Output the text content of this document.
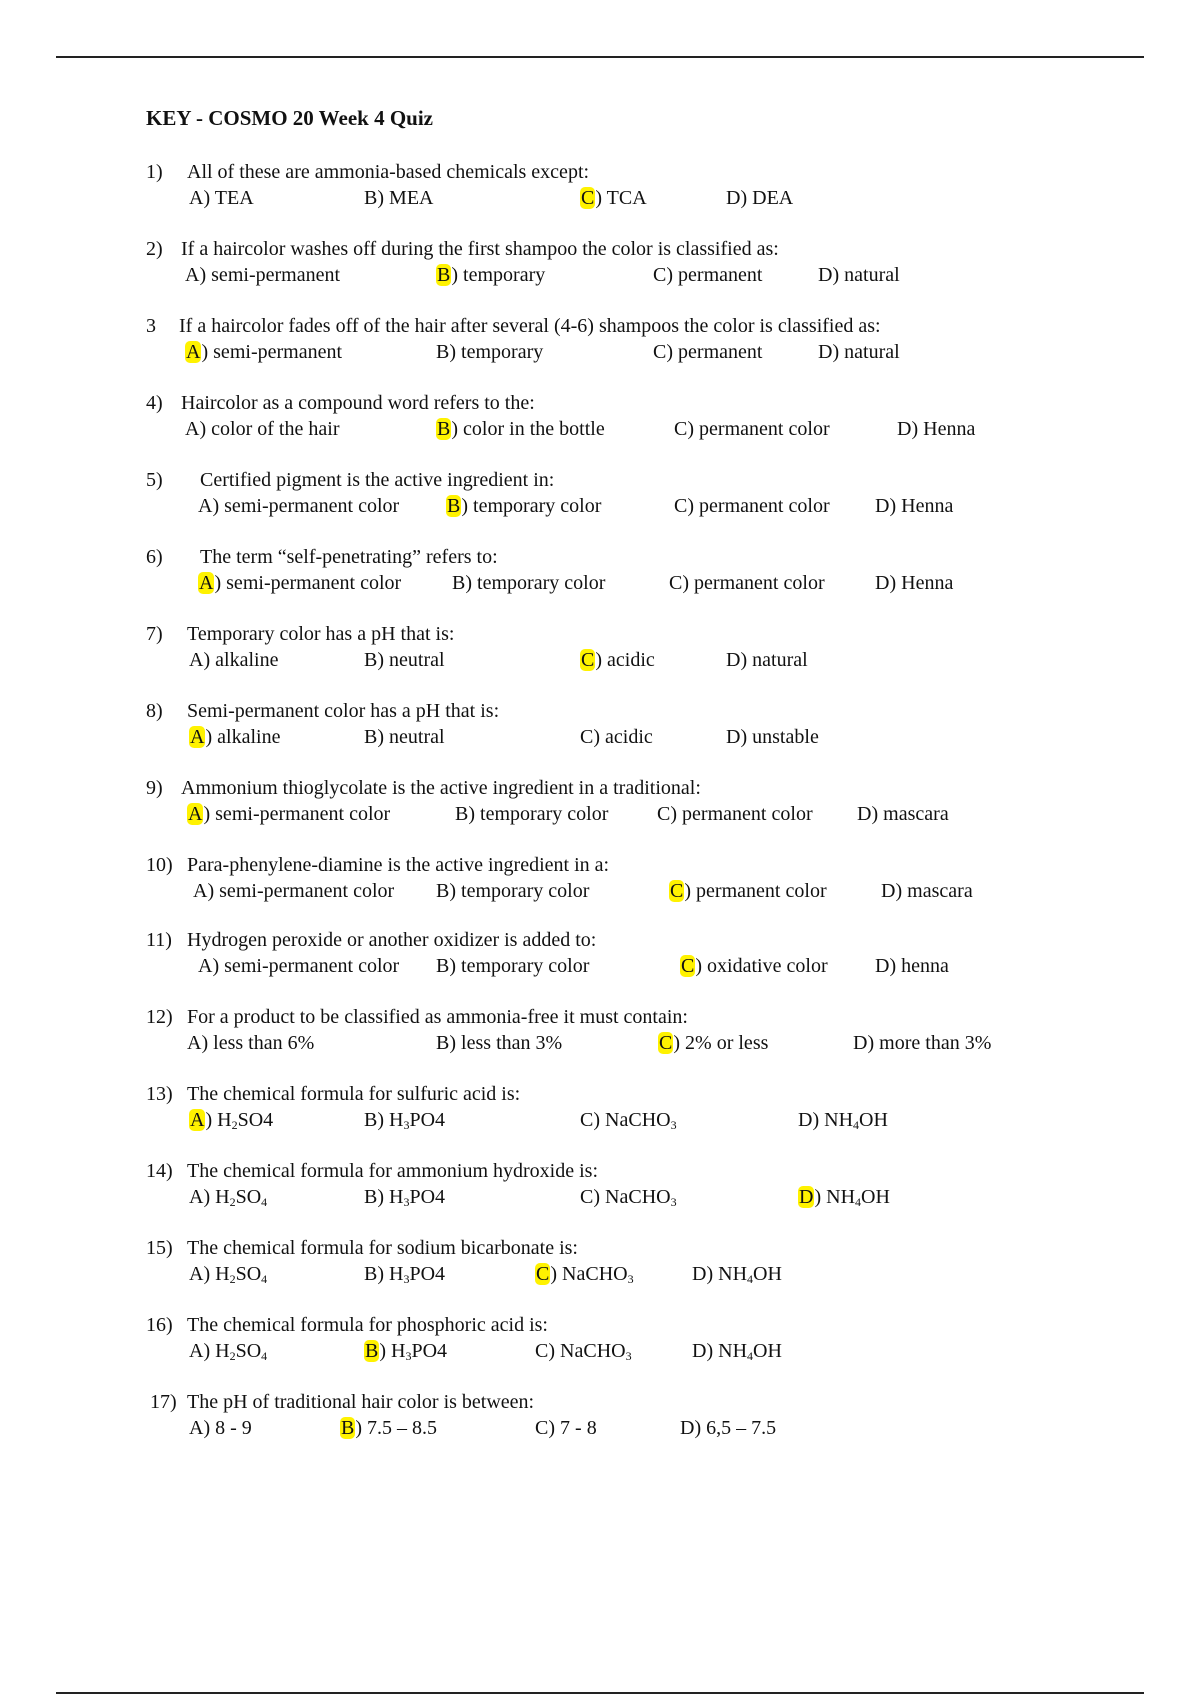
KEY - COSMO 20 Week 4 Quiz
1) All of these are ammonia-based chemicals except:
A) TEA	B) MEA	C) TCA	D) DEA
2) If a haircolor washes off during the first shampoo the color is classified as:
A) semi-permanent	B) temporary	C) permanent	D) natural
3 If a haircolor fades off of the hair after several (4-6) shampoos the color is classified as:
A) semi-permanent	B) temporary	C) permanent	D) natural
4) Haircolor as a compound word refers to the:
A) color of the hair	B) color in the bottle	C) permanent color	D) Henna
5) Certified pigment is the active ingredient in:
A) semi-permanent color B) temporary color	C) permanent color D) Henna
6) The term “self-penetrating” refers to:
A) semi-permanent color	B) temporary color	C) permanent color	D) Henna
7) Temporary color has a pH that is:
A) alkaline	B) neutral	C) acidic	D) natural
8) Semi-permanent color has a pH that is:
A) alkaline	B) neutral	C) acidic	D) unstable
9) Ammonium thioglycolate is the active ingredient in a traditional:
A) semi-permanent color	B) temporary color C) permanent color D) mascara
10) Para-phenylene-diamine is the active ingredient in a:
A) semi-permanent color B) temporary color	C) permanent color	D) mascara
11) Hydrogen peroxide or another oxidizer is added to:
A) semi-permanent color B) temporary color	C) oxidative color D) henna
12) For a product to be classified as ammonia-free it must contain:
A) less than 6%	B) less than 3%	C) 2% or less	D) more than 3%
13) The chemical formula for sulfuric acid is:
A) $H_2SO4$	B) $H_3PO4$	C) NaCHO$_3$	D) $NH_4OH$
14) The chemical formula for ammonium hydroxide is:
A) $H_2SO_4$	B) $H_3PO4$	C) NaCHO$_3$	D) $NH_4OH$
15) The chemical formula for sodium bicarbonate is:
A) $H_2SO_4$	B) $H_3PO4$	C) NaCHO$_3$	D) $NH_4OH$
16) The chemical formula for phosphoric acid is:
A) $H_2SO_4$	B) $H_3PO4$	C) NaCHO$_3$	D) $NH_4OH$
17) The pH of traditional hair color is between:
A) 8 - 9	B) 7.5 – 8.5	C) 7 - 8	D) 6,5 – 7.5
